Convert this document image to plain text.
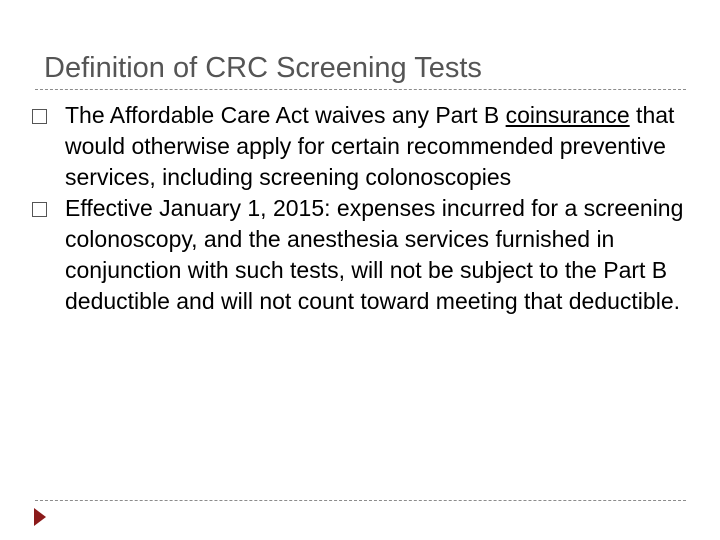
Definition of CRC Screening Tests
The Affordable Care Act waives any Part B coinsurance that would otherwise apply for certain recommended preventive services, including screening colonoscopies
Effective January 1, 2015: expenses incurred for a screening colonoscopy, and the anesthesia services furnished in conjunction with such tests, will not be subject to the Part B deductible and will not count toward meeting that deductible.
